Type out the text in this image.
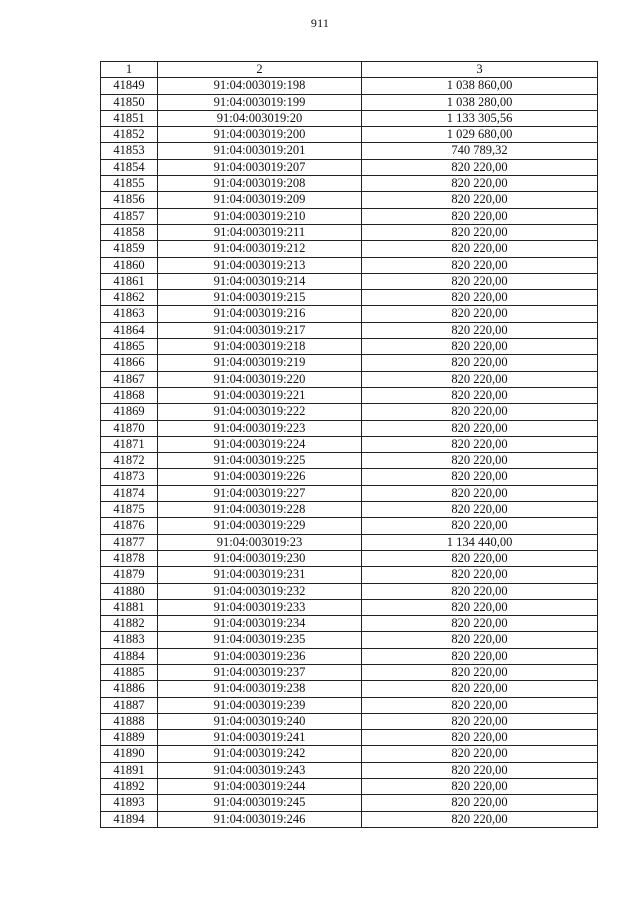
911
1	2	3
41849	91:04:003019:198	1 038 860,00
41850	91:04:003019:199	1 038 280,00
41851	91:04:003019:20	1 133 305,56
41852	91:04:003019:200	1 029 680,00
41853	91:04:003019:201	740 789,32
41854	91:04:003019:207	820 220,00
41855	91:04:003019:208	820 220,00
41856	91:04:003019:209	820 220,00
41857	91:04:003019:210	820 220,00
41858	91:04:003019:211	820 220,00
41859	91:04:003019:212	820 220,00
41860	91:04:003019:213	820 220,00
41861	91:04:003019:214	820 220,00
41862	91:04:003019:215	820 220,00
41863	91:04:003019:216	820 220,00
41864	91:04:003019:217	820 220,00
41865	91:04:003019:218	820 220,00
41866	91:04:003019:219	820 220,00
41867	91:04:003019:220	820 220,00
41868	91:04:003019:221	820 220,00
41869	91:04:003019:222	820 220,00
41870	91:04:003019:223	820 220,00
41871	91:04:003019:224	820 220,00
41872	91:04:003019:225	820 220,00
41873	91:04:003019:226	820 220,00
41874	91:04:003019:227	820 220,00
41875	91:04:003019:228	820 220,00
41876	91:04:003019:229	820 220,00
41877	91:04:003019:23	1 134 440,00
41878	91:04:003019:230	820 220,00
41879	91:04:003019:231	820 220,00
41880	91:04:003019:232	820 220,00
41881	91:04:003019:233	820 220,00
41882	91:04:003019:234	820 220,00
41883	91:04:003019:235	820 220,00
41884	91:04:003019:236	820 220,00
41885	91:04:003019:237	820 220,00
41886	91:04:003019:238	820 220,00
41887	91:04:003019:239	820 220,00
41888	91:04:003019:240	820 220,00
41889	91:04:003019:241	820 220,00
41890	91:04:003019:242	820 220,00
41891	91:04:003019:243	820 220,00
41892	91:04:003019:244	820 220,00
41893	91:04:003019:245	820 220,00
41894	91:04:003019:246	820 220,00
